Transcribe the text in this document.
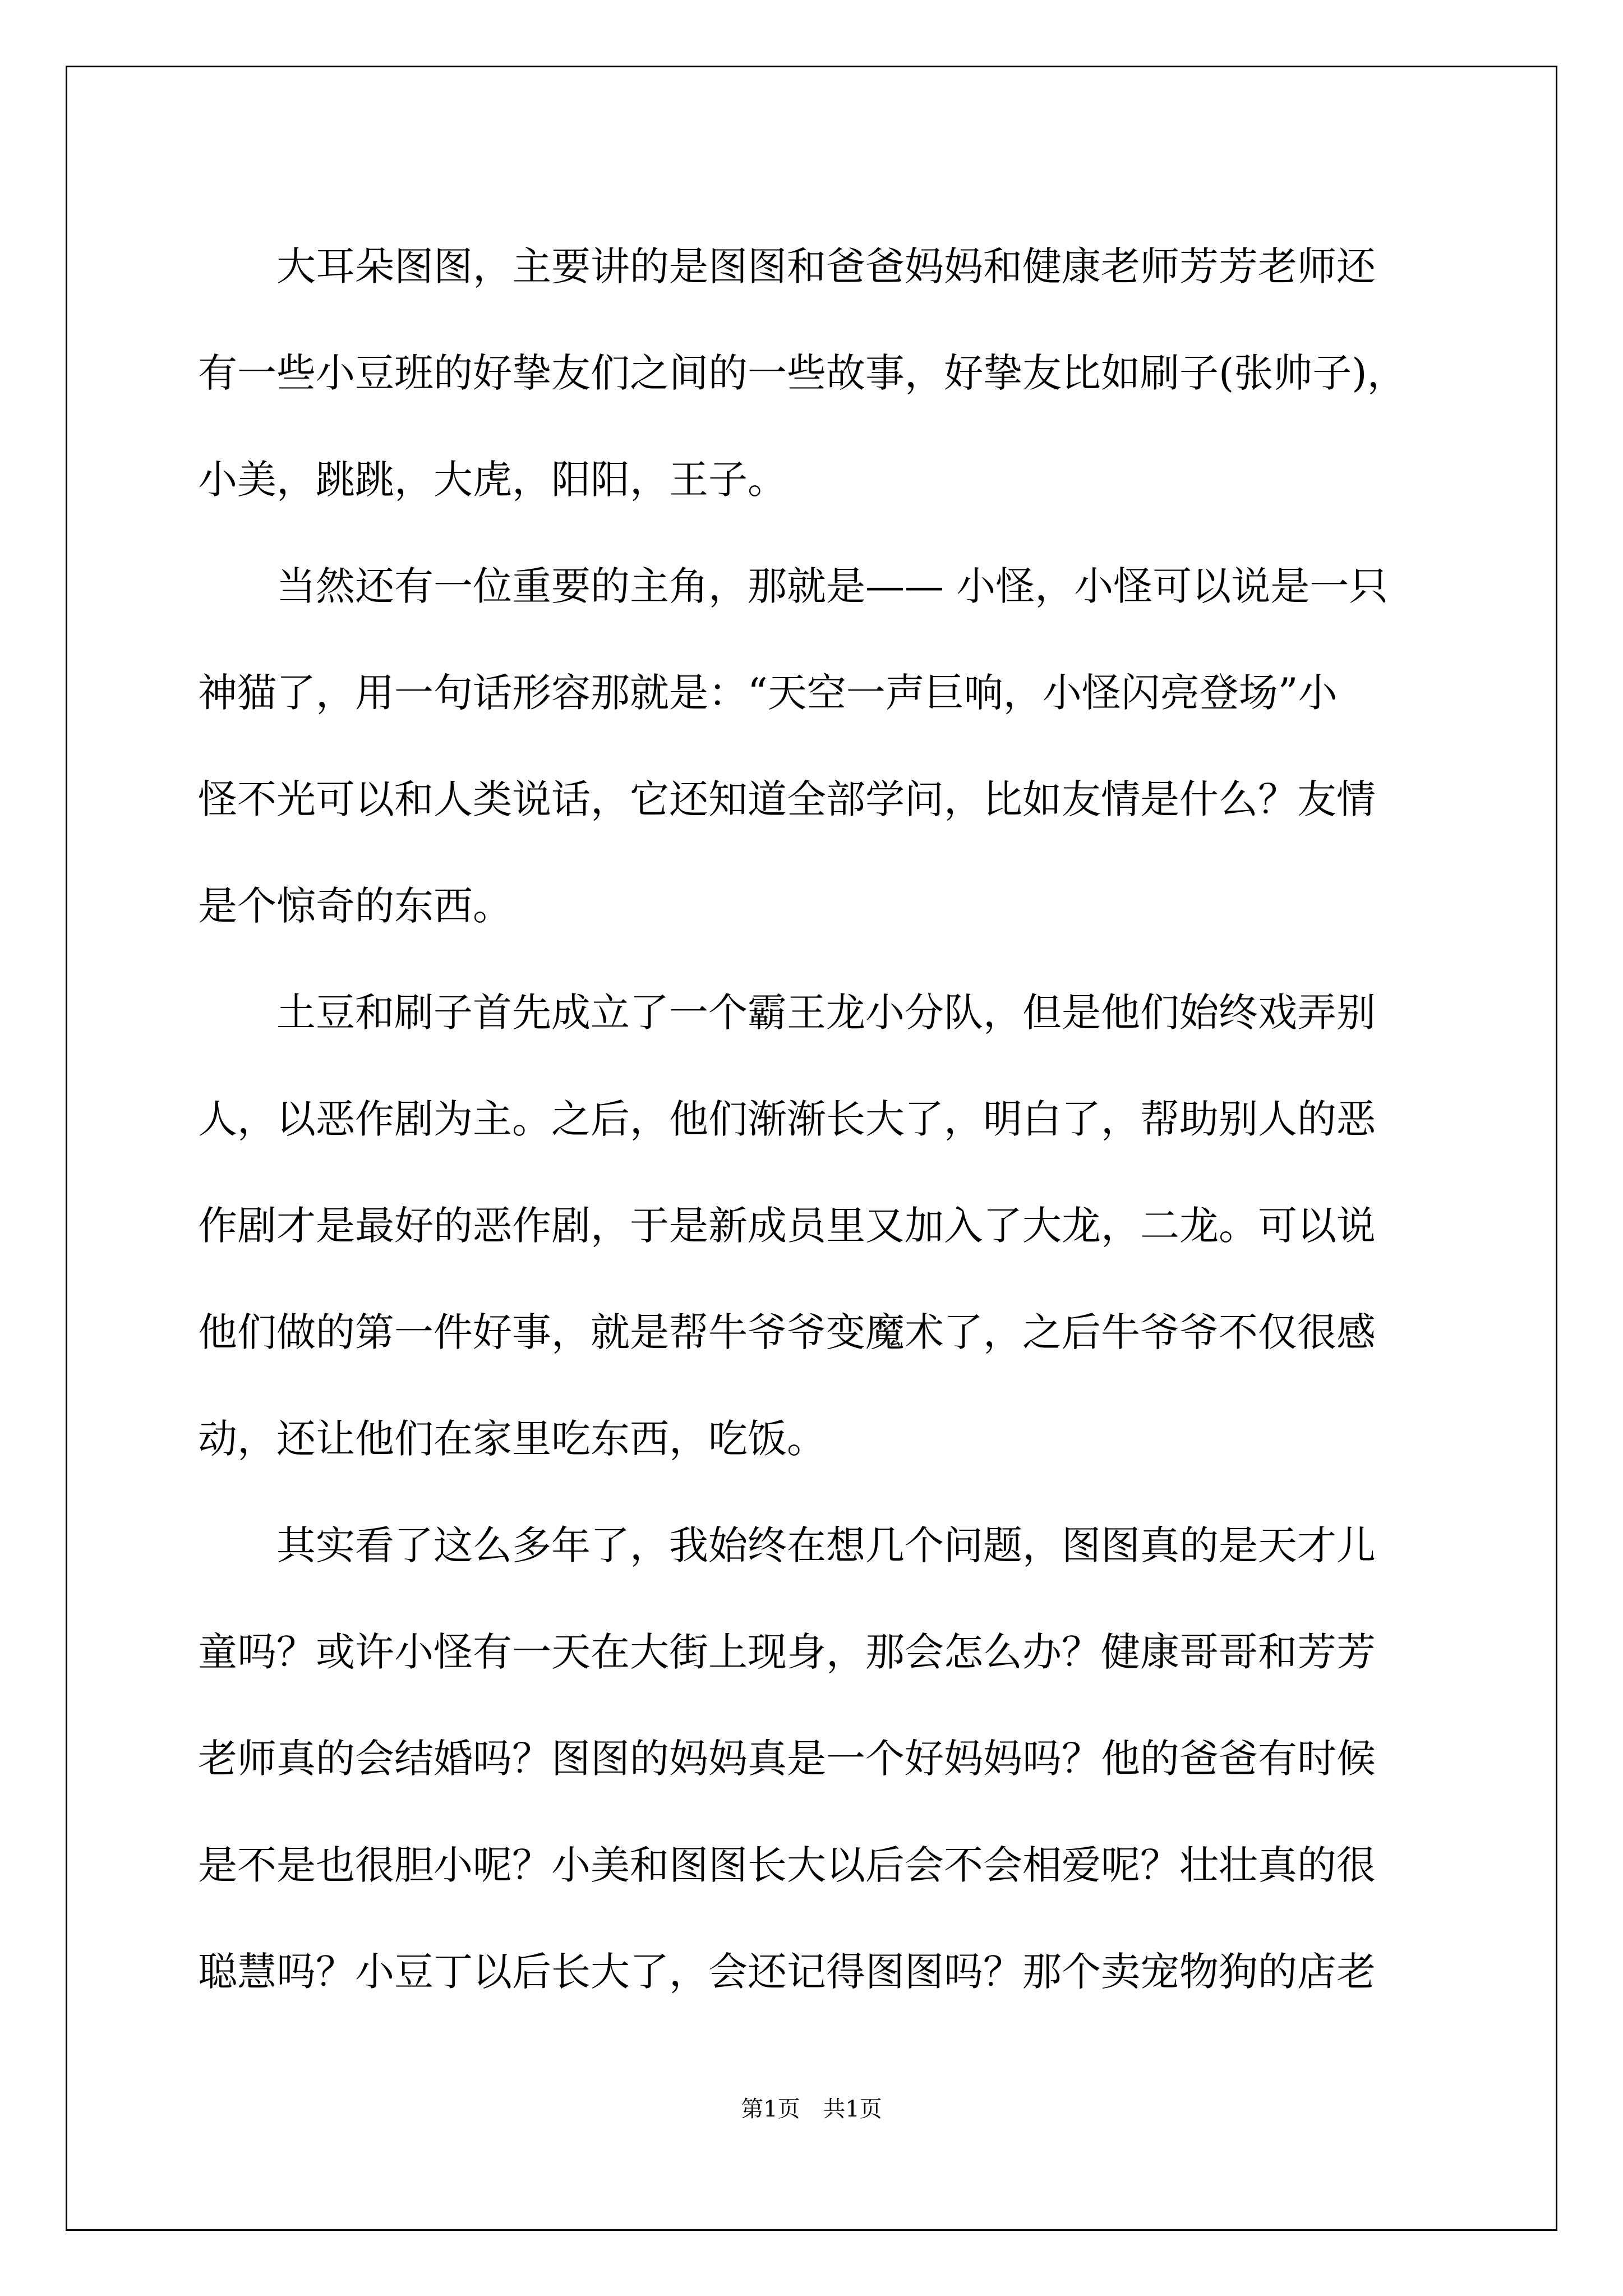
　　大耳朵图图，主要讲的是图图和爸爸妈妈和健康老师芳芳老师还
有一些小豆班的好挚友们之间的一些故事，好挚友比如刷子(张帅子)，
小美，跳跳，大虎，阳阳，王子。
　　当然还有一位重要的主角，那就是—— 小怪，小怪可以说是一只
神猫了，用一句话形容那就是：“天空一声巨响，小怪闪亮登场”小
怪不光可以和人类说话，它还知道全部学问，比如友情是什么？友情
是个惊奇的东西。
　　土豆和刷子首先成立了一个霸王龙小分队，但是他们始终戏弄别
人，以恶作剧为主。之后，他们渐渐长大了，明白了，帮助别人的恶
作剧才是最好的恶作剧，于是新成员里又加入了大龙，二龙。可以说
他们做的第一件好事，就是帮牛爷爷变魔术了，之后牛爷爷不仅很感
动，还让他们在家里吃东西，吃饭。
　　其实看了这么多年了，我始终在想几个问题，图图真的是天才儿
童吗？或许小怪有一天在大街上现身，那会怎么办？健康哥哥和芳芳
老师真的会结婚吗？图图的妈妈真是一个好妈妈吗？他的爸爸有时候
是不是也很胆小呢？小美和图图长大以后会不会相爱呢？壮壮真的很
聪慧吗？小豆丁以后长大了，会还记得图图吗？那个卖宠物狗的店老
第1页 共1页
